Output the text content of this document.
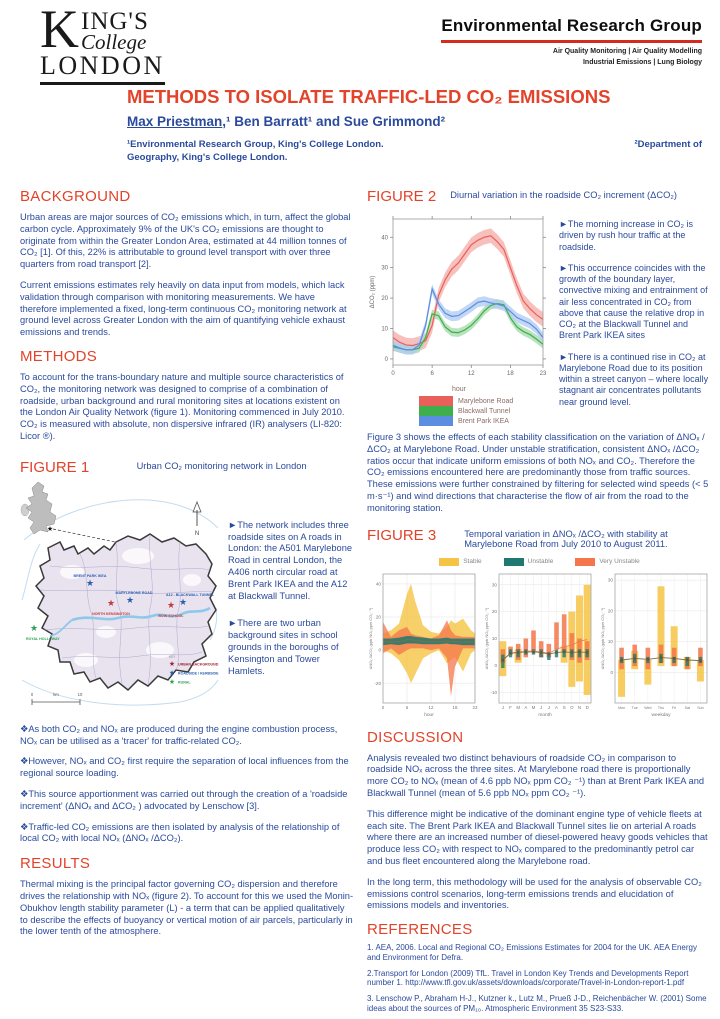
K ING'S
College
LONDON
Environmental Research Group
Air Quality Monitoring | Air Quality Modelling
Industrial Emissions | Lung Biology
METHODS TO ISOLATE TRAFFIC-LED CO₂ EMISSIONS
Max Priestman,¹ Ben Barratt¹ and Sue Grimmond²
¹Environmental Research Group, King's College London.	²Department of
Geography, King's College London.
BACKGROUND

Urban areas are major sources of CO₂ emissions which, in turn, affect the global carbon cycle. Approximately 9% of the UK's CO₂ emissions are thought to originate from within the Greater London Area, estimated at 44 million tonnes of CO₂ [1]. Of this, 22% is attributable to ground level transport with over three quarters from road transport [2].

Current emissions estimates rely heavily on data input from models, which lack validation through comparison with monitoring measurements. We have therefore implemented a fixed, long-term continuous CO₂ monitoring network at ground level across Greater London with the aim of quantifying vehicle exhaust emissions and trends.

METHODS

To account for the trans-boundary nature and multiple source characteristics of CO₂, the monitoring network was designed to comprise of a combination of roadside, urban background and rural monitoring sites at locations existent on the London Air Quality Network (figure 1). Monitoring commenced in July 2010. CO₂ is measured with absolute, non dispersive infrared (IR) analysers (LI-820: Licor ®).

FIGURE 1	Urban CO₂ monitoring network in London
★
★
BRENT PARK IKEA
★
NORTH KENSINGTON
★
MARYLEBONE ROAD
★
BOW SCHOOL
★
A12 - BLACKWALL TUNNEL
★
ROYAL HOLLOWAY
KEY
★ URBAN BACKGROUND
★ ROADSIDE / KERBSIDE
★ RURAL
0	km	10
N

►The network includes three roadside sites on A roads in London: the A501 Marylebone Road in central London, the A406 north circular road at Brent Park IKEA and the A12 at Blackwall Tunnel.

►There are two urban background sites in school grounds in the boroughs of Kensington and Tower Hamlets.

❖As both CO₂ and NOₓ are produced during the engine combustion process, NOₓ can be utilised as a 'tracer' for traffic-related CO₂.

❖However, NOₓ and CO₂ first require the separation of local influences from the regional source loading.

❖This source apportionment was carried out through the creation of a 'roadside increment' (ΔNOₓ and ΔCO₂ ) advocated by Lenschow [3].

❖Traffic-led CO₂ emissions are then isolated by analysis of the relationship of local CO₂ with local NOₓ (ΔNOₓ /ΔCO₂).

RESULTS

Thermal mixing is the principal factor governing CO₂ dispersion and therefore drives the relationship with NOₓ (figure 2). To account for this we used the Monin-Obukhov length stability parameter (L) - a term that can be applied qualitatively to describe the effects of buoyancy or vertical motion of air parcels, particularly in the lower tenth of the atmosphere.

FIGURE 2	Diurnal variation in the roadside CO₂ increment (ΔCO₂)
0
10
20
30
40
0	6	12	18	23
ΔCO₂ (ppm)
hour
Marylebone Road
Blackwall Tunnel
Brent Park IKEA

►The morning increase in CO₂ is driven by rush hour traffic at the roadside.

►This occurrence coincides with the growth of the boundary layer, convective mixing and entrainment of air less concentrated in CO₂ from above that cause the relative drop in CO₂ at the Blackwall Tunnel and Brent Park IKEA sites

►There is a continued rise in CO₂ at Marylebone Road due to its position within a street canyon – where locally stagnant air concentrates pollutants near ground level.

Figure 3 shows the effects of each stability classification on the variation of ΔNOₓ /ΔCO₂ at Marylebone Road. Under unstable stratification, consistent ΔNOₓ /ΔCO₂ ratios occur that indicate uniform emissions of both NOₓ and CO₂. Therefore the CO₂ emissions encountered here are predominantly those from traffic sources. These emissions were further constrained by filtering for selected wind speeds (< 5 m·s⁻¹) and wind directions that characterise the flow of air from the road to the monitoring station.

FIGURE 3	Temporal variation in ΔNOₓ /ΔCO₂ with stability at Marylebone Road from July 2010 to August 2011.
Stable	Unstable	Very Unstable
-20
0
20
40
0	6	12	18	23
ΔNOₓ /ΔCO₂ (ppb NOₓ ppm CO₂ ⁻¹)
hour
-10
0
10
20
30
J F M A M J J A S O N D
ΔNOₓ /ΔCO₂ (ppb NOₓ ppm CO₂ ⁻¹)
month
0
10
20
30
Mon Tue Wed Thu Fri Sat Sun
ΔNOₓ /ΔCO₂ (ppb NOₓ ppm CO₂ ⁻¹)
weekday
DISCUSSION

Analysis revealed two distinct behaviours of roadside CO₂ in comparison to roadside NOₓ across the three sites. At Marylebone road there is proportionally more CO₂ to NOₓ (mean of 4.6 ppb NOₓ ppm CO₂ ⁻¹) than at Brent Park IKEA and Blackwall Tunnel (mean of 5.6 ppb NOₓ ppm CO₂ ⁻¹).

This difference might be indicative of the dominant engine type of vehicle fleets at each site. The Brent Park IKEA and Blackwall Tunnel sites lie on arterial A roads where there are an increased number of diesel-powered heavy goods vehicles that produce less CO₂ with respect to NOₓ compared to the predominantly petrol car and bus fleet encountered along the Marylebone road.

In the long term, this methodology will be used for the analysis of observable CO₂ emissions control scenarios, long-term emissions trends and elucidation of emissions models and inventories.

REFERENCES

1. AEA, 2006. Local and Regional CO₂ Emissions Estimates for 2004 for the UK. AEA Energy and Environment for Defra.

2.Transport for London (2009) TfL. Travel in London Key Trends and Developments Report number 1. http://www.tfl.gov.uk/assets/downloads/corporate/Travel-in-London-report-1.pdf

3. Lenschow P., Abraham H-J., Kutzner k., Lutz M., Prueß J-D., Reichenbächer W. (2001) Some ideas about the sources of PM₁₀. Atmospheric Environment 35 S23-S33.
